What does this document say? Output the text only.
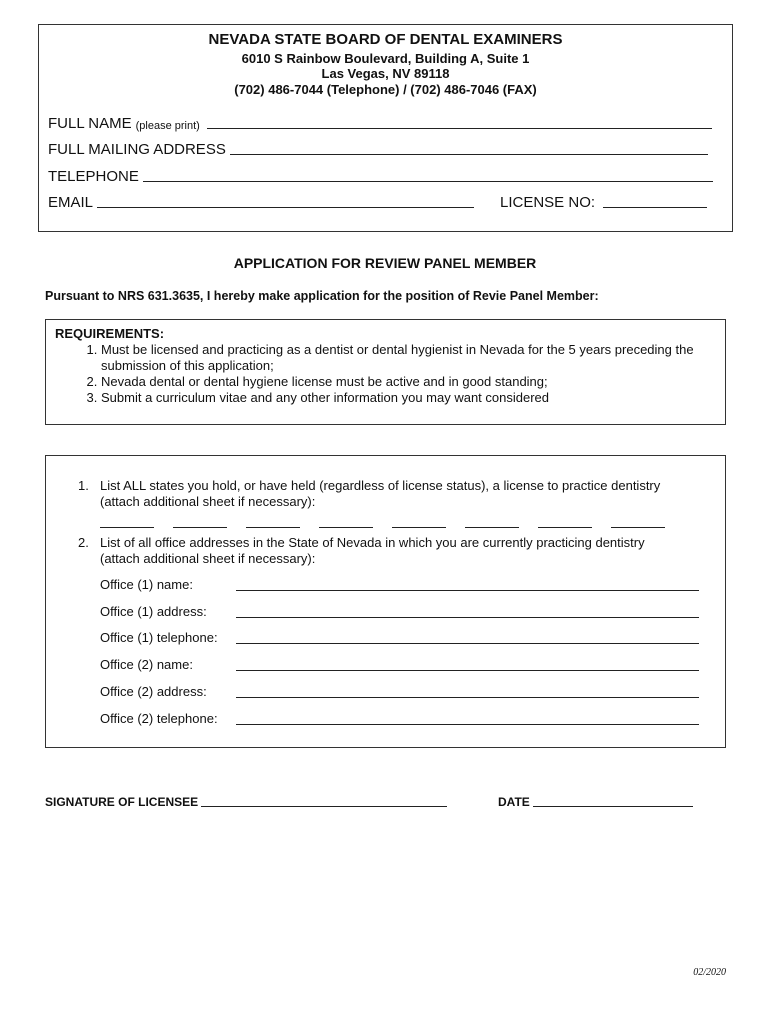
NEVADA STATE BOARD OF DENTAL EXAMINERS
6010 S Rainbow Boulevard, Building A, Suite 1
Las Vegas, NV 89118
(702) 486-7044 (Telephone) / (702) 486-7046 (FAX)
FULL NAME (please print)
FULL MAILING ADDRESS
TELEPHONE
EMAIL	LICENSE NO:
APPLICATION FOR REVIEW PANEL MEMBER
Pursuant to NRS 631.3635, I hereby make application for the position of Revie Panel Member:
REQUIREMENTS:
1. Must be licensed and practicing as a dentist or dental hygienist in Nevada for the 5 years preceding the submission of this application;
2. Nevada dental or dental hygiene license must be active and in good standing;
3. Submit a curriculum vitae and any other information you may want considered
1. List ALL states you hold, or have held (regardless of license status), a license to practice dentistry
(attach additional sheet if necessary):
2. List of all office addresses in the State of Nevada in which you are currently practicing dentistry
(attach additional sheet if necessary):
Office (1) name:
Office (1) address:
Office (1) telephone:
Office (2) name:
Office (2) address:
Office (2) telephone:
SIGNATURE OF LICENSEE	DATE
02/2020
